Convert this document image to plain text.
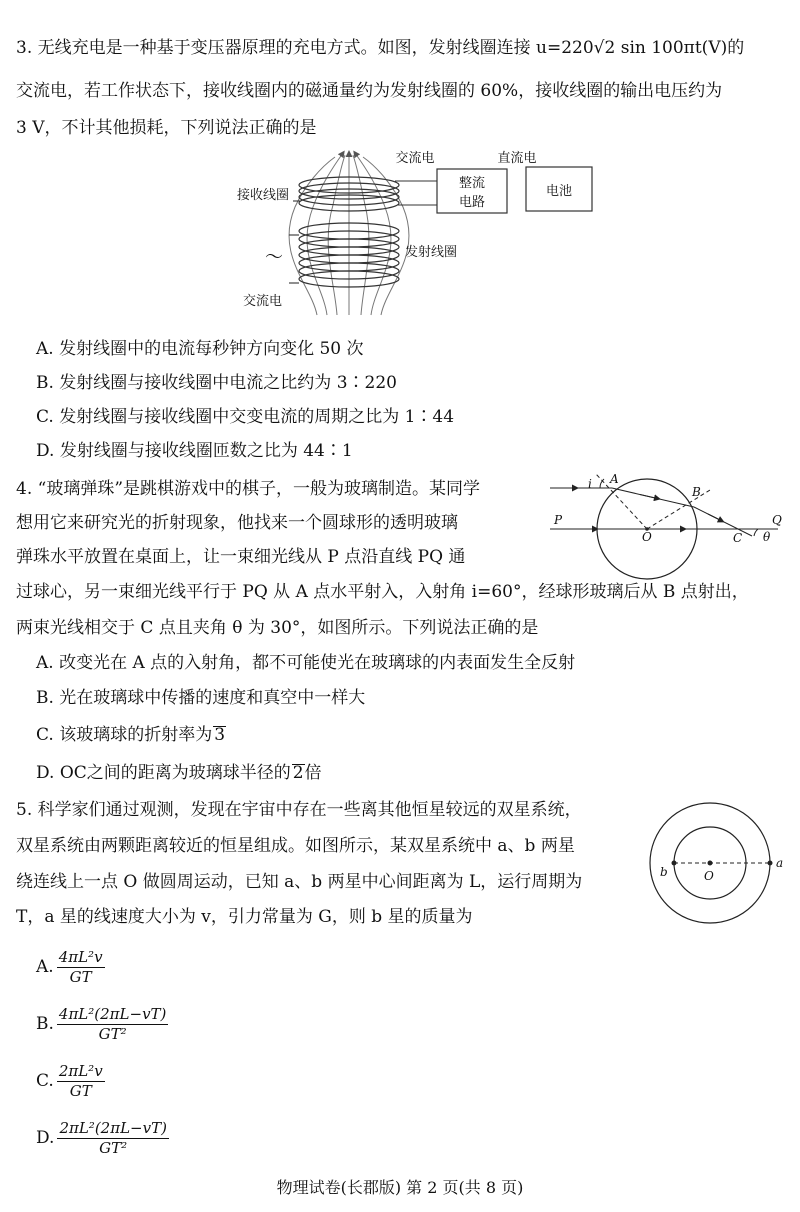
3. 无线充电是一种基于变压器原理的充电方式。如图，发射线圈连接 u=220√2 sin 100πt(V)的
交流电，若工作状态下，接收线圈内的磁通量约为发射线圈的 60%，接收线圈的输出电压约为
3 V，不计其他损耗，下列说法正确的是
整流
电路
电池
交流电	直流电
接收线圈
发射线圈
～
交流电
A. 发射线圈中的电流每秒钟方向变化 50 次
B. 发射线圈与接收线圈中电流之比约为 3∶220
C. 发射线圈与接收线圈中交变电流的周期之比为 1∶44
D. 发射线圈与接收线圈匝数之比为 44∶1
4. “玻璃弹珠”是跳棋游戏中的棋子，一般为玻璃制造。某同学
想用它来研究光的折射现象，他找来一个圆球形的透明玻璃
弹珠水平放置在桌面上，让一束细光线从 P 点沿直线 PQ 通
过球心，另一束细光线平行于 PQ 从 A 点水平射入，入射角 i=60°，经球形玻璃后从 B 点射出，
两束光线相交于 C 点且夹角 θ 为 30°，如图所示。下列说法正确的是
i A
B
P
O	C
Q
θ
A. 改变光在 A 点的入射角，都不可能使光在玻璃球的内表面发生全反射
B. 光在玻璃球中传播的速度和真空中一样大
C. 该玻璃球的折射率为 3
D. OC之间的距离为玻璃球半径的 2倍
5. 科学家们通过观测，发现在宇宙中存在一些离其他恒星较远的双星系统，
双星系统由两颗距离较近的恒星组成。如图所示，某双星系统中 a、b 两星
绕连线上一点 O 做圆周运动，已知 a、b 两星中心间距离为 L，运行周期为
T，a 星的线速度大小为 v，引力常量为 G，则 b 星的质量为
b	O
a
A. $\frac{\text{4πL²v}}{GT}$
B. $\frac{\text{4πL²(2πL−vT)}}{\text{GT²}}$
C. $\frac{\text{2πL²v}}{GT}$
D. $\frac{\text{2πL²(2πL−vT)}}{\text{GT²}}$
物理试卷(长郡版) 第 2 页(共 8 页)
